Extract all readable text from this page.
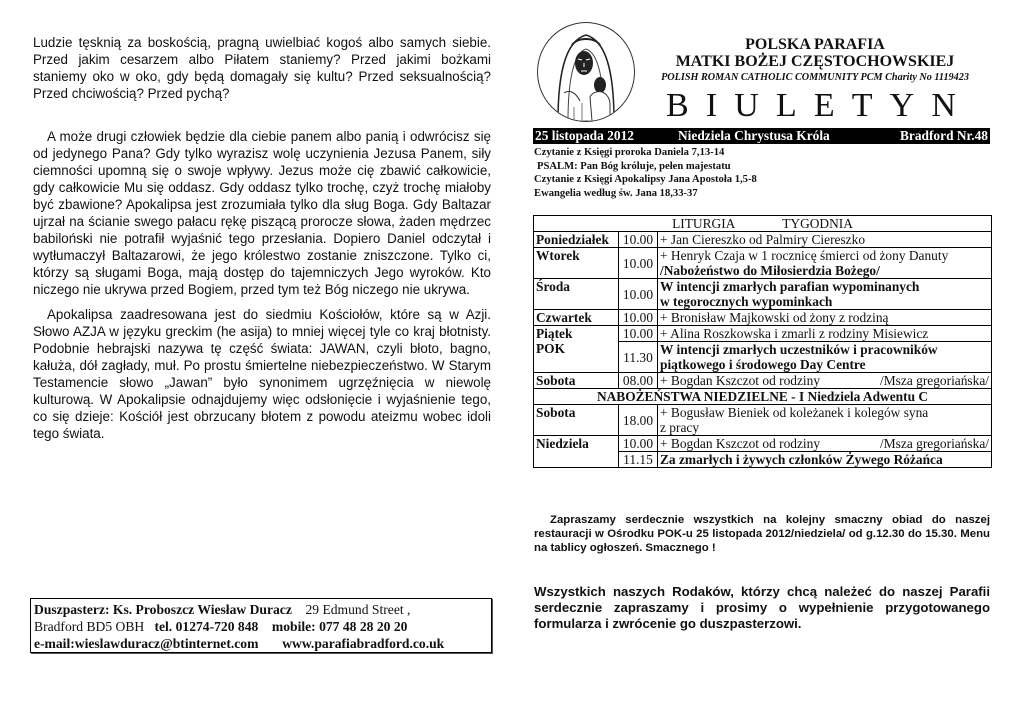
Ludzie tęsknią za boskością, pragną uwielbiać kogoś albo samych siebie. Przed jakim cesarzem albo Piłatem staniemy? Przed jakimi bożkami staniemy oko w oko, gdy będą domagały się kultu? Przed seksualnością? Przed chciwością? Przed pychą?

A może drugi człowiek będzie dla ciebie panem albo panią i odwrócisz się od jedynego Pana? Gdy tylko wyrazisz wolę uczynienia Jezusa Panem, siły ciemności upomną się o swoje wpływy. Jezus może cię zbawić całkowicie, gdy całkowicie Mu się oddasz. Gdy oddasz tylko trochę, czyż trochę miałoby być zbawione? Apokalipsa jest zrozumiała tylko dla sług Boga. Gdy Baltazar ujrzał na ścianie swego pałacu rękę piszącą prorocze słowa, żaden mędrzec babiloński nie potrafił wyjaśnić tego przesłania. Dopiero Daniel odczytał i wytłumaczył Baltazarowi, że jego królestwo zostanie zniszczone. Tylko ci, którzy są sługami Boga, mają dostęp do tajemniczych Jego wyroków. Kto niczego nie ukrywa przed Bogiem, przed tym też Bóg niczego nie ukrywa.

Apokalipsa zaadresowana jest do siedmiu Kościołów, które są w Azji. Słowo AZJA w języku greckim (he asija) to mniej więcej tyle co kraj błotnisty. Podobnie hebrajski nazywa tę część świata: JAWAN, czyli błoto, bagno, kałuża, dół zagłady, muł. Po prostu śmiertelne niebezpieczeństwo. W Starym Testamencie słowo „Jawan” było synonimem ugrzęźnięcia w niewolę kulturową. W Apokalipsie odnajdujemy więc odsłonięcie i wyjaśnienie tego, co się dzieje: Kościół jest obrzucany błotem z powodu ateizmu wobec idoli tego świata.

Duszpasterz: Ks. Proboszcz Wiesław Duracz 29 Edmund Street ,
Bradford BD5 OBH tel. 01274-720 848 mobile: 077 48 28 20 20
e-mail:wieslawduracz@btinternet.com www.parafiabradford.co.uk
POLSKA PARAFIA
MATKI BOŻEJ CZĘSTOCHOWSKIEJ
POLISH ROMAN CATHOLIC COMMUNITY PCM Charity No 1119423
B I U L E T Y N
25 listopada 2012	Niedziela Chrystusa Króla	Bradford Nr.48
Czytanie z Księgi proroka Daniela 7,13-14
PSALM: Pan Bóg króluje, pełen majestatu
Czytanie z Księgi Apokalipsy Jana Apostoła 1,5-8
Ewangelia według św. Jana 18,33-37
LITURGIA TYGODNIA		
Poniedziałek	10.00	+ Jan Ciereszko od Palmiry Ciereszko
Wtorek	10.00	+ Henryk Czaja w 1 rocznicę śmierci od żony Danuty
/Nabożeństwo do Miłosierdzia Bożego/

Środa	10.00	W intencji zmarłych parafian wypominanych
w tegorocznych wypominkach

Czwartek	10.00	+ Bronisław Majkowski od żony z rodziną

Piątek
POK	10.00	+ Alina Roszkowska i zmarli z rodziny Misiewicz
	11.30	W intencji zmarłych uczestników i pracowników
piątkowego i środowego Day Centre

Sobota	08.00	+ Bogdan Kszczot od rodziny /Msza gregoriańska/

NABOŻEŃSTWA NIEDZIELNE - I Niedziela Adwentu C		
Sobota	18.00	+ Bogusław Bieniek od koleżanek i kolegów syna
z pracy

Niedziela	10.00	+ Bogdan Kszczot od rodziny /Msza gregoriańska/

	11.15	Za zmarłych i żywych członków Żywego Różańca
Zapraszamy serdecznie wszystkich na kolejny smaczny obiad do naszej restauracji w Ośrodku POK-u 25 listopada 2012/niedziela/ od g.12.30 do 15.30. Menu na tablicy ogłoszeń. Smacznego !
Wszystkich naszych Rodaków, którzy chcą należeć do naszej Parafii serdecznie zapraszamy i prosimy o wypełnienie przygotowanego formularza i zwrócenie go duszpasterzowi.
